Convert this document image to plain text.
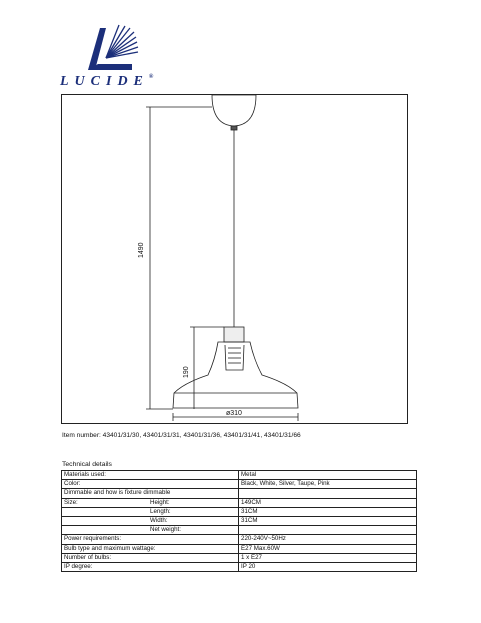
LUCIDE®
1490
190
ø310
Item number: 43401/31/30, 43401/31/31, 43401/31/36, 43401/31/41, 43401/31/66
Technical details
Materials used:		Metal
Color:		Black, White, Silver, Taupe, Pink
Dimmable and how is fixture dimmable		
Size:	Height:	149CM
	Length:	31CM
	Width:	31CM
	Net weight:	
Power requirements:		220-240V~50Hz
Bulb type and maximum wattage:		E27 Max.60W
Number of bulbs:		1 x E27
IP degree:		IP 20
